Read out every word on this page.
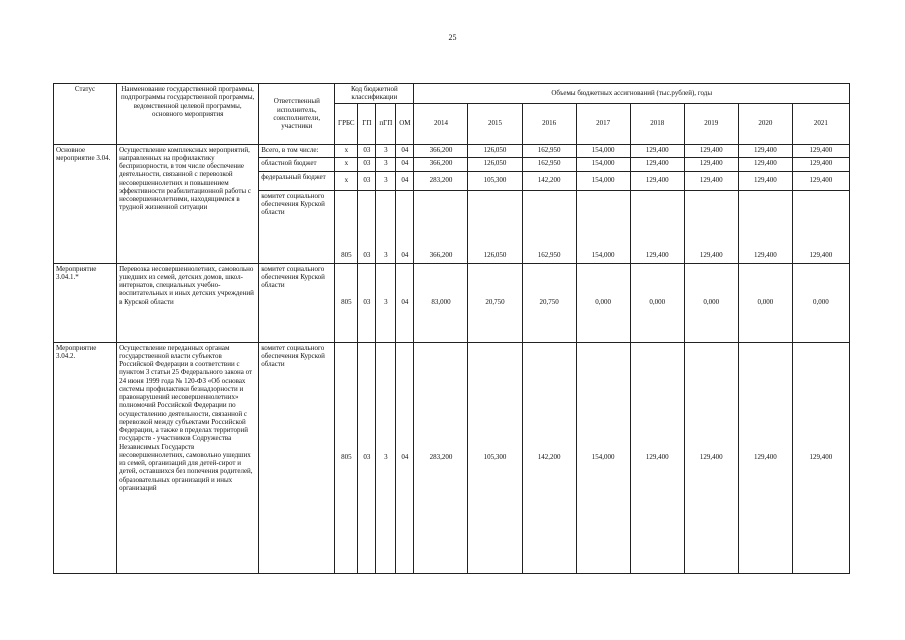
25
Статус	Наименование государственной программы, подпрограммы государственной программы, ведомственной целевой программы, основного мероприятия	Ответственный исполнитель, соисполнители, участники	Код бюджетной классификации				Объемы бюджетных ассигнований (тыс.рублей), годы							
			ГРБС	ГП	пГП	ОМ	2014	2015	2016	2017	2018	2019	2020	2021
Основное мероприятие 3.04.	Осуществление комплексных мероприятий, направленных на профилактику беспризорности, в том числе обеспечение деятельности, связанной с перевозкой несовершеннолетних и повышением эффективности реабилитационной работы с несовершеннолетними, находящимися в трудной жизненной ситуации	Всего, в том числе:	x	03	3	04	366,200	126,050	162,950	154,000	129,400	129,400	129,400	129,400
		областной бюджет	x	03	3	04	366,200	126,050	162,950	154,000	129,400	129,400	129,400	129,400
		федеральный бюджет	x	03	3	04	283,200	105,300	142,200	154,000	129,400	129,400	129,400	129,400
		комитет социального обеспечения Курской области	805	03	3	04	366,200	126,050	162,950	154,000	129,400	129,400	129,400	129,400
Мероприятие 3.04.1.*	Перевозка несовершеннолетних, самовольно ушедших из семей, детских домов, школ-интернатов, специальных учебно-воспитательных и иных детских учреждений в Курской области	комитет социального обеспечения Курской области	805	03	3	04	83,000	20,750	20,750	0,000	0,000	0,000	0,000	0,000
Мероприятие 3.04.2.	Осуществление переданных органам государственной власти субъектов Российской Федерации в соответствии с пунктом 3 статьи 25 Федерального закона от 24 июня 1999 года № 120-ФЗ «Об основах системы профилактики безнадзорности и правонарушений несовершеннолетних» полномочий Российской Федерации по осуществлению деятельности, связанной с перевозкой между субъектами Российской Федерации, а также в пределах территорий государств - участников Содружества Независимых Государств несовершеннолетних, самовольно ушедших из семей, организаций для детей-сирот и детей, оставшихся без попечения родителей, образовательных организаций и иных организаций	комитет социального обеспечения Курской области	805	03	3	04	283,200	105,300	142,200	154,000	129,400	129,400	129,400	129,400
